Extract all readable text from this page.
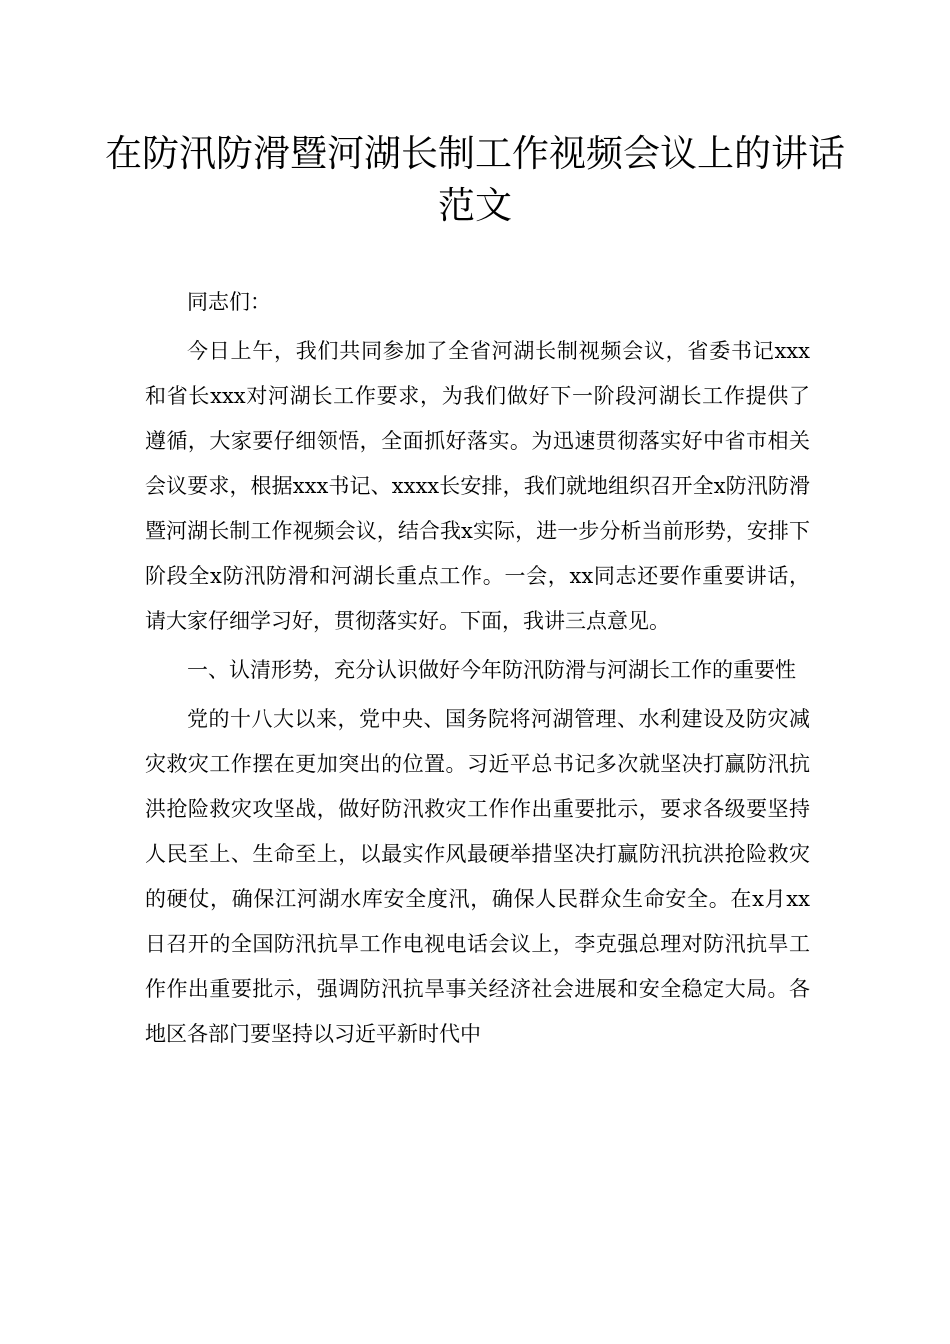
在防汛防滑暨河湖长制工作视频会议上的讲话范文

同志们：

今日上午，我们共同参加了全省河湖长制视频会议，省委书记xxx和省长xxx对河湖长工作要求，为我们做好下一阶段河湖长工作提供了遵循，大家要仔细领悟，全面抓好落实。为迅速贯彻落实好中省市相关会议要求，根据xxx书记、xxxx长安排，我们就地组织召开全x防汛防滑暨河湖长制工作视频会议，结合我x实际，进一步分析当前形势，安排下阶段全x防汛防滑和河湖长重点工作。一会，xx同志还要作重要讲话，请大家仔细学习好，贯彻落实好。下面，我讲三点意见。

一、认清形势，充分认识做好今年防汛防滑与河湖长工作的重要性

党的十八大以来，党中央、国务院将河湖管理、水利建设及防灾减灾救灾工作摆在更加突出的位置。习近平总书记多次就坚决打赢防汛抗洪抢险救灾攻坚战，做好防汛救灾工作作出重要批示，要求各级要坚持人民至上、生命至上，以最实作风最硬举措坚决打赢防汛抗洪抢险救灾的硬仗，确保江河湖水库安全度汛，确保人民群众生命安全。在x月xx日召开的全国防汛抗旱工作电视电话会议上，李克强总理对防汛抗旱工作作出重要批示，强调防汛抗旱事关经济社会进展和安全稳定大局。各地区各部门要坚持以习近平新时代中
